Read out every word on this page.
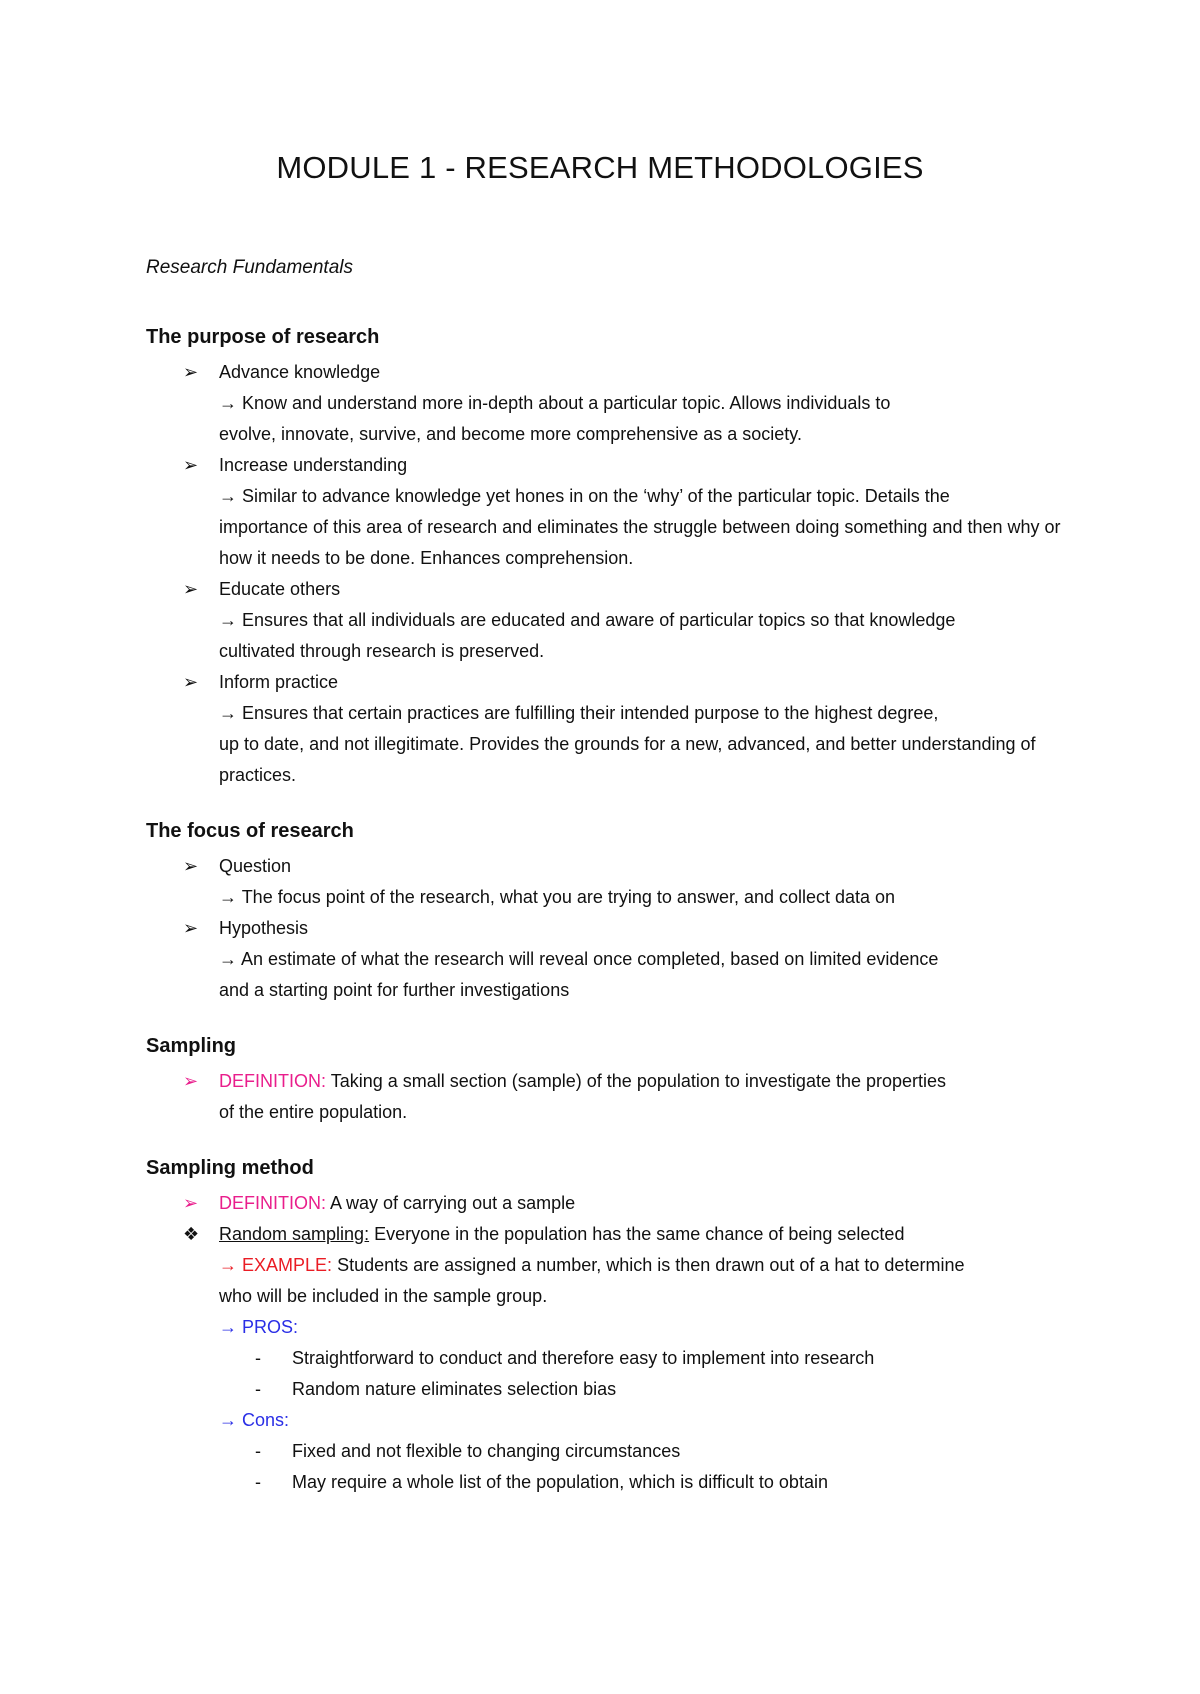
MODULE 1 - RESEARCH METHODOLOGIES
Research Fundamentals
The purpose of research
➢	Advance knowledge
→ Know and understand more in-depth about a particular topic. Allows individuals to
evolve, innovate, survive, and become more comprehensive as a society.
➢	Increase understanding
→ Similar to advance knowledge yet hones in on the ‘why’ of the particular topic. Details the
importance of this area of research and eliminates the struggle between doing something and then why or how it needs to be done. Enhances comprehension.
➢	Educate others
→ Ensures that all individuals are educated and aware of particular topics so that knowledge
cultivated through research is preserved.
➢	Inform practice
→ Ensures that certain practices are fulfilling their intended purpose to the highest degree,
up to date, and not illegitimate. Provides the grounds for a new, advanced, and better understanding of practices.
The focus of research
➢	Question
→ The focus point of the research, what you are trying to answer, and collect data on
➢	Hypothesis
→ An estimate of what the research will reveal once completed, based on limited evidence
and a starting point for further investigations
Sampling
➢	DEFINITION: Taking a small section (sample) of the population to investigate the properties
of the entire population.
Sampling method
➢	DEFINITION: A way of carrying out a sample
❖	Random sampling: Everyone in the population has the same chance of being selected
→ EXAMPLE: Students are assigned a number, which is then drawn out of a hat to determine
who will be included in the sample group.
→ PROS:
- Straightforward to conduct and therefore easy to implement into research
- Random nature eliminates selection bias
→ Cons:
- Fixed and not flexible to changing circumstances
- May require a whole list of the population, which is difficult to obtain
